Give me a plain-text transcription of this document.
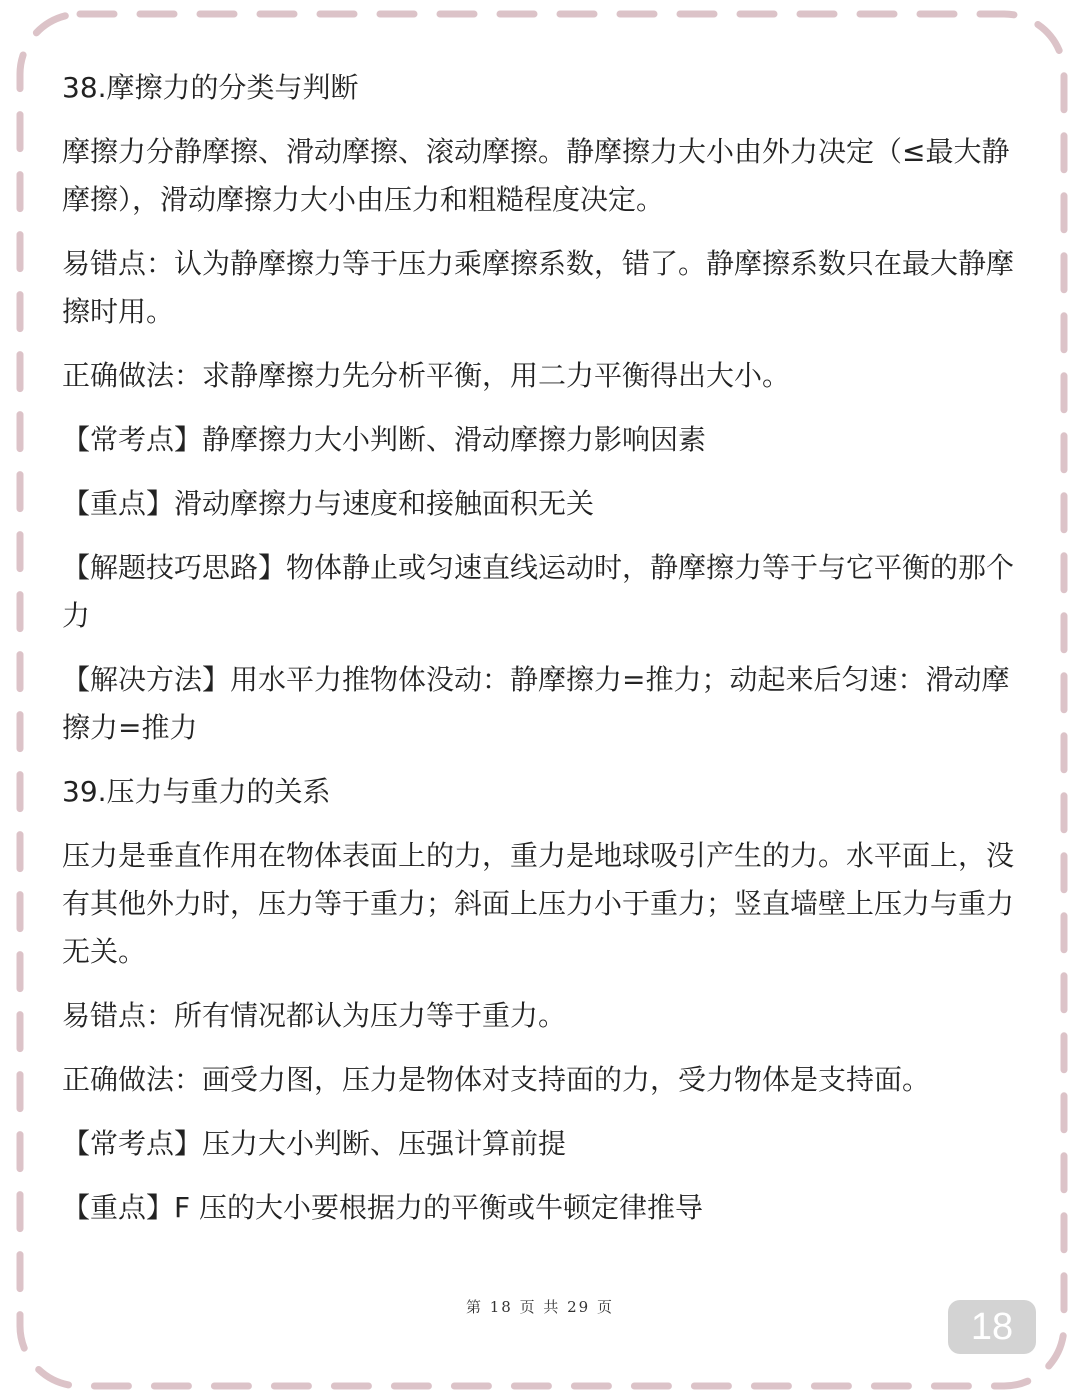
38.摩擦力的分类与判断

摩擦力分静摩擦、滑动摩擦、滚动摩擦。静摩擦力大小由外力决定（≤最大静摩擦），滑动摩擦力大小由压力和粗糙程度决定。

易错点：认为静摩擦力等于压力乘摩擦系数，错了。静摩擦系数只在最大静摩擦时用。

正确做法：求静摩擦力先分析平衡，用二力平衡得出大小。

【常考点】静摩擦力大小判断、滑动摩擦力影响因素

【重点】滑动摩擦力与速度和接触面积无关

【解题技巧思路】物体静止或匀速直线运动时，静摩擦力等于与它平衡的那个力

【解决方法】用水平力推物体没动：静摩擦力=推力；动起来后匀速：滑动摩擦力=推力

39.压力与重力的关系

压力是垂直作用在物体表面上的力，重力是地球吸引产生的力。水平面上，没有其他外力时，压力等于重力；斜面上压力小于重力；竖直墙壁上压力与重力无关。

易错点：所有情况都认为压力等于重力。

正确做法：画受力图，压力是物体对支持面的力，受力物体是支持面。

【常考点】压力大小判断、压强计算前提

【重点】F 压的大小要根据力的平衡或牛顿定律推导

第 18 页 共 29 页	18
